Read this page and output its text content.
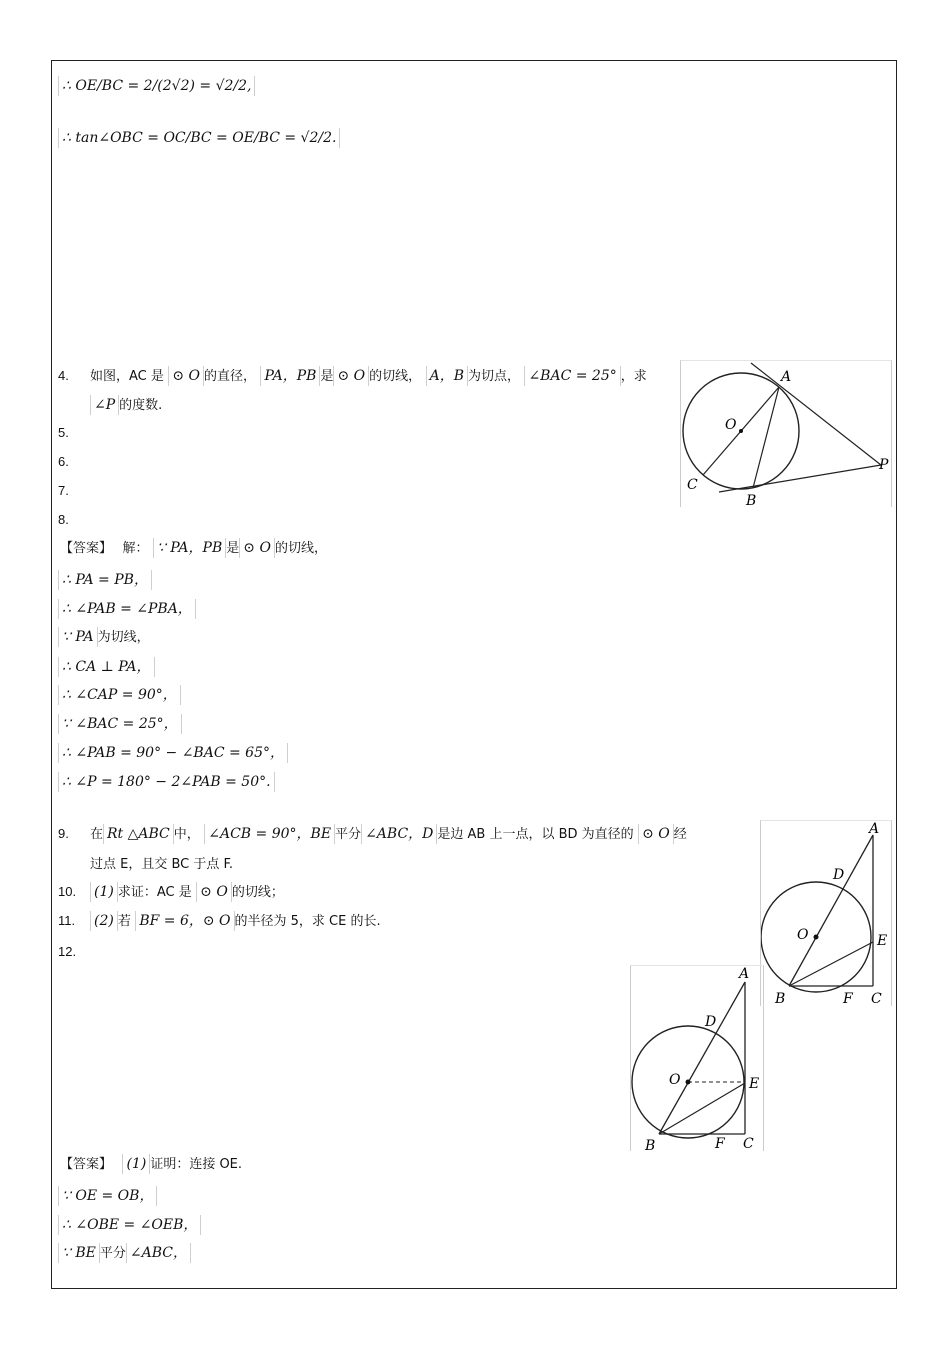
∴ OE/BC = 2/(2√2) = √2/2,
∴ tan∠OBC = OC/BC = OE/BC = √2/2.
4. 如图，AC 是 ⊙ O 的直径， PA，PB 是 ⊙ O 的切线， A，B 为切点， ∠BAC = 25° ，求
∠P 的度数.
5.
6.
7.
8.
A
O
C
B
P
【答案】 解： ∵ PA，PB 是 ⊙ O 的切线，
∴ PA = PB，
∴ ∠PAB = ∠PBA，
∵ PA 为切线，
∴ CA ⊥ PA，
∴ ∠CAP = 90°，
∵ ∠BAC = 25°，
∴ ∠PAB = 90° − ∠BAC = 65°，
∴ ∠P = 180° − 2∠PAB = 50°.
9. 在 Rt △ABC 中， ∠ACB = 90°，BE 平分 ∠ABC，D 是边 AB 上一点，以 BD 为直径的 ⊙ O 经
过点 E，且交 BC 于点 F.
10. (1) 求证：AC 是 ⊙ O 的切线；
11. (2) 若 BF = 6，⊙ O 的半径为 5，求 CE 的长.
12.
A
D
O	E
B	F C
A
D
O	E
B	F C
【答案】 (1) 证明：连接 OE.
∵ OE = OB，
∴ ∠OBE = ∠OEB，
∵ BE 平分 ∠ABC，
